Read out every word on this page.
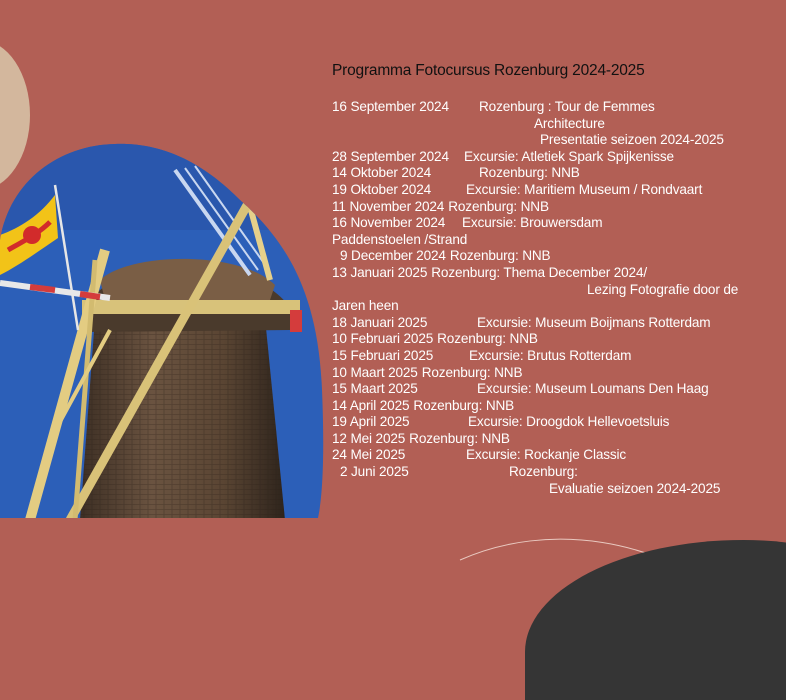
Programma Fotocursus Rozenburg 2024-2025
16 September 2024 Rozenburg : Tour de Femmes
Architecture
Presentatie seizoen 2024-2025
28 September 2024 Excursie: Atletiek Spark Spijkenisse
14 Oktober 2024	Rozenburg: NNB
19 Oktober 2024	Excursie: Maritiem Museum / Rondvaart
11 November 2024 Rozenburg: NNB
16 November 2024 Excursie: Brouwersdam
Paddenstoelen /Strand
9 December 2024 Rozenburg: NNB
13 Januari 2025 Rozenburg: Thema December 2024/
Lezing Fotografie door de
Jaren heen
18 Januari 2025	Excursie: Museum Boijmans Rotterdam
10 Februari 2025 Rozenburg: NNB
15 Februari 2025	Excursie: Brutus Rotterdam
10 Maart 2025 Rozenburg: NNB
15 Maart 2025	Excursie: Museum Loumans Den Haag
14 April 2025 Rozenburg: NNB
19 April 2025	Excursie: Droogdok Hellevoetsluis
12 Mei 2025 Rozenburg: NNB
24 Mei 2025	Excursie: Rockanje Classic
2 Juni 2025	Rozenburg:
Evaluatie seizoen 2024-2025
